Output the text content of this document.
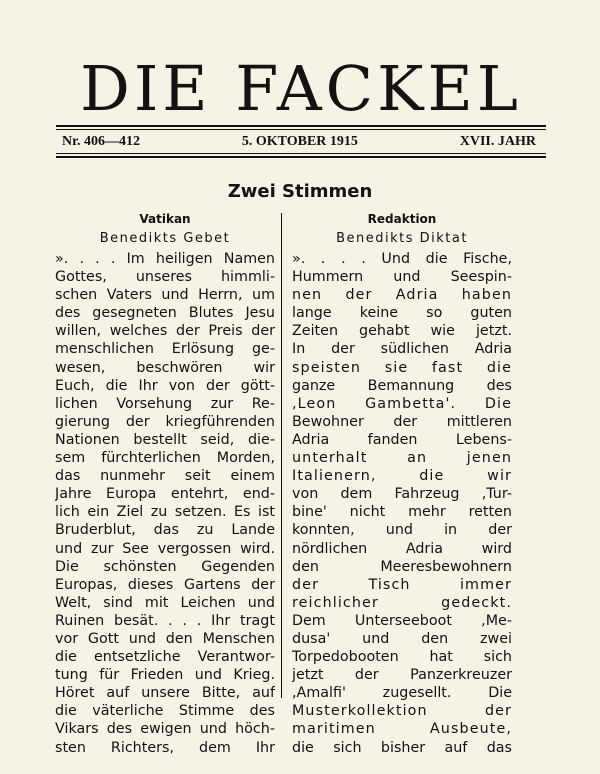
DIE FACKEL
Nr. 406—412	5. OKTOBER 1915	XVII. JAHR
Zwei Stimmen
Vatikan
Benedikts Gebet
Redaktion
Benedikts Diktat
». . . . Im heiligen Namen
Gottes, unseres himmli-
schen Vaters und Herrn, um
des gesegneten Blutes Jesu
willen, welches der Preis der
menschlichen Erlösung ge-
wesen, beschwören wir
Euch, die Ihr von der gött-
lichen Vorsehung zur Re-
gierung der kriegführenden
Nationen bestellt seid, die-
sem fürchterlichen Morden,
das nunmehr seit einem
Jahre Europa entehrt, end-
lich ein Ziel zu setzen. Es ist
Bruderblut, das zu Lande
und zur See vergossen wird.
Die schönsten Gegenden
Europas, dieses Gartens der
Welt, sind mit Leichen und
Ruinen besät. . . . Ihr tragt
vor Gott und den Menschen
die entsetzliche Verantwor-
tung für Frieden und Krieg.
Höret auf unsere Bitte, auf
die väterliche Stimme des
Vikars des ewigen und höch-
sten Richters, dem Ihr
». . . . Und die Fische,
Hummern und Seespin-
nen der Adria haben
lange keine so guten
Zeiten gehabt wie jetzt.
In der südlichen Adria
speisten sie fast die
ganze Bemannung des
,Leon Gambetta'. Die
Bewohner der mittleren
Adria fanden Lebens-
unterhalt an jenen
Italienern, die wir
von dem Fahrzeug ,Tur-
bine' nicht mehr retten
konnten, und in der
nördlichen Adria wird
den Meeresbewohnern
der Tisch immer
reichlicher gedeckt.
Dem Unterseeboot ,Me-
dusa' und den zwei
Torpedobooten hat sich
jetzt der Panzerkreuzer
,Amalfi' zugesellt. Die
Musterkollektion der
maritimen Ausbeute,
die sich bisher auf das
